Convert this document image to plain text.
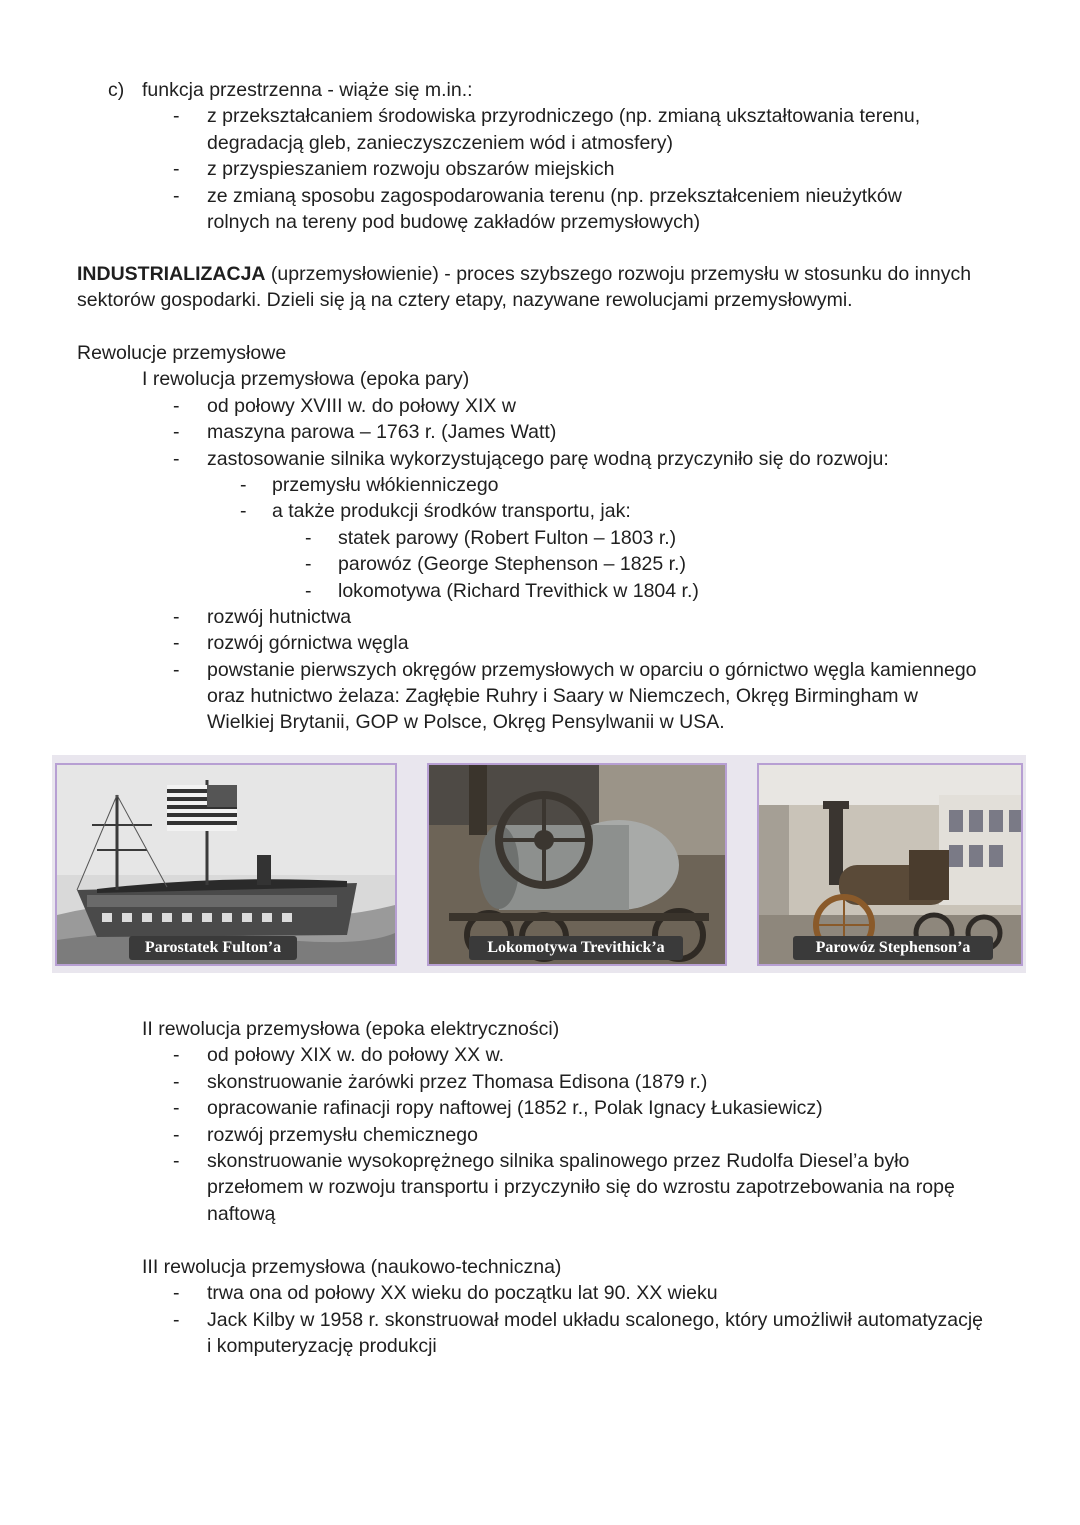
c) funkcja przestrzenna - wiąże się m.in.:
- z przekształcaniem środowiska przyrodniczego (np. zmianą ukształtowania terenu,
degradacją gleb, zanieczyszczeniem wód i atmosfery)
- z przyspieszaniem rozwoju obszarów miejskich
- ze zmianą sposobu zagospodarowania terenu (np. przekształceniem nieużytków
rolnych na tereny pod budowę zakładów przemysłowych)
INDUSTRIALIZACJA (uprzemysłowienie) - proces szybszego rozwoju przemysłu w stosunku do innych
sektorów gospodarki. Dzieli się ją na cztery etapy, nazywane rewolucjami przemysłowymi.
Rewolucje przemysłowe
I rewolucja przemysłowa (epoka pary)
- od połowy XVIII w. do połowy XIX w
- maszyna parowa – 1763 r. (James Watt)
- zastosowanie silnika wykorzystującego parę wodną przyczyniło się do rozwoju:
- przemysłu włókienniczego
- a także produkcji środków transportu, jak:
- statek parowy (Robert Fulton – 1803 r.)
- parowóz (George Stephenson – 1825 r.)
- lokomotywa (Richard Trevithick w 1804 r.)
- rozwój hutnictwa
- rozwój górnictwa węgla
- powstanie pierwszych okręgów przemysłowych w oparciu o górnictwo węgla kamiennego
oraz hutnictwo żelaza: Zagłębie Ruhry i Saary w Niemczech, Okręg Birmingham w
Wielkiej Brytanii, GOP w Polsce, Okręg Pensylwanii w USA.
Parostatek Fulton’a	Lokomotywa Trevithick’a	Parowóz Stephenson’a
II rewolucja przemysłowa (epoka elektryczności)
- od połowy XIX w. do połowy XX w.
- skonstruowanie żarówki przez Thomasa Edisona (1879 r.)
- opracowanie rafinacji ropy naftowej (1852 r., Polak Ignacy Łukasiewicz)
- rozwój przemysłu chemicznego
- skonstruowanie wysokoprężnego silnika spalinowego przez Rudolfa Diesel’a było
przełomem w rozwoju transportu i przyczyniło się do wzrostu zapotrzebowania na ropę
naftową
III rewolucja przemysłowa (naukowo-techniczna)
- trwa ona od połowy XX wieku do początku lat 90. XX wieku
- Jack Kilby w 1958 r. skonstruował model układu scalonego, który umożliwił automatyzację
i komputeryzację produkcji
